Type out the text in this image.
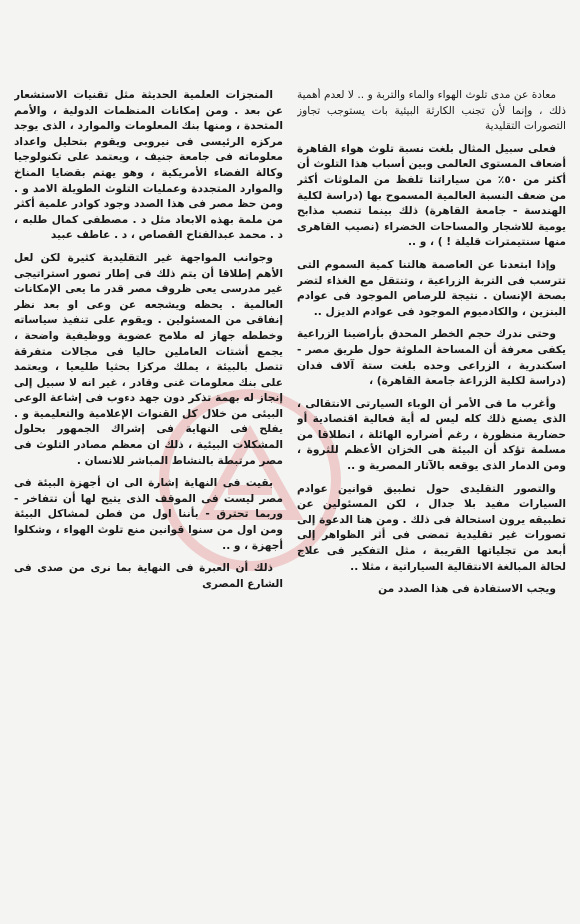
معادة عن مدى تلوث الهواء والماء والتربة و .. لا لعدم أهمية ذلك ، وإنما لأن تجنب الكارثة البيئية بات يستوجب تجاوز التصورات التقليدية

فعلى سبيل المثال بلغت نسبة تلوث هواء القاهرة أضعاف المستوى العالمى وبين أسباب هذا التلوث أن أكثر من ٥٠٪ من سياراتنا تلفظ من الملوثات أكثر من ضعف النسبة العالمية المسموح بها (دراسة لكلية الهندسة - جامعة القاهرة) ذلك بينما تنصب مذابح يومية للاشجار والمساحات الخضراء (نصيب القاهرى منها سنتيمترات قليلة ! ) ، و ..

وإذا ابتعدنا عن العاصمة هالتنا كمية السموم التى تترسب فى التربة الزراعية ، وتنتقل مع الغذاء لتضر بصحة الإنسان . نتيجة للرصاص الموجود فى عوادم البنزين ، والكادميوم الموجود فى عوادم الديزل ..

وحتى ندرك حجم الخطر المحدق بأراضينا الزراعية يكفى معرفة أن المساحة الملوثة حول طريق مصر - اسكندرية ، الزراعى وحده بلغت ستة آلاف فدان (دراسة لكلية الزراعة جامعة القاهرة) ،

وأغرب ما فى الأمر أن الوباء السيارتى الانتقالى ، الذى يصنع ذلك كله ليس له أية فعالية اقتصادية أو حضارية منظورة ، رغم أضراره الهائلة ، انطلاقا من مسلمة تؤكد أن البيئة هى الخزان الأعظم للثروة ، ومن الدمار الذى يوقعه بالآثار المصرية و ..

والتصور التقليدى حول تطبيق قوانين عوادم السيارات مفيد بلا جدال ، لكن المسئولين عن تطبيقه يرون استحالة فى ذلك . ومن هنا الدعوة إلى تصورات غير تقليدية تمضى فى أثر الظواهر إلى أبعد من تجلياتها القريبة ، مثل التفكير فى علاج لحالة المبالغة الانتقالية السياراتية ، مثلا ..

ويجب الاستفادة فى هذا الصدد من

المنجزات العلمية الحديثة مثل تقنيات الاستشعار عن بعد . ومن إمكانات المنظمات الدولية ، والأمم المتحدة ، ومنها بنك المعلومات والموارد ، الذى يوجد مركزه الرئيسى فى نيروبى ويقوم بتحليل واعداد معلوماته فى جامعة جنيف ، ويعتمد على تكنولوجيا وكالة الفضاء الأمريكية ، وهو يهتم بقضايا المناخ والموارد المتجددة وعمليات التلوث الطويلة الامد و . ومن حظ مصر فى هذا الصدد وجود كوادر علمية أكثر من ملمة بهذه الابعاد مثل د . مصطفى كمال طلبه ، د . محمد عبدالفتاح القصاص ، د . عاطف عبيد

وجوانب المواجهة غير التقليدية كثيرة لكن لعل الأهم إطلاقا أن يتم ذلك فى إطار تصور استراتيجى غير مدرسى يعى ظروف مصر قدر ما يعى الإمكانات العالمية . يحظه ويشجعه عن وعى او بعد نظر إنفاقى من المسئولين . ويقوم على تنفيذ سياساته وخططه جهاز له ملامح عضوية ووظيفية واضحة ، يجمع أشتات العاملين حاليا فى مجالات متفرقة تتصل بالبيئة ، يملك مركزا بحثيا طليعيا ، ويعتمد على بنك معلومات غنى وقادر ، غير انه لا سبيل إلى إنجاز له بهمة تذكر دون جهد دءوب فى إشاعة الوعى البيئى من خلال كل القنوات الإعلامية والتعليمية و . يفلح فى النهاية فى إشراك الجمهور بحلول المشكلات البيئية ، ذلك ان معظم مصادر التلوث فى مصر مرتبطة بالنشاط المباشر للانسان .

بقيت فى النهاية إشارة الى ان أجهزة البيئة فى مصر ليست فى الموقف الذى يتيح لها أن تتفاخر - وربما تحترق - بأننا اول من فطن لمشاكل البيئة ومن اول من سنوا قوانين منع تلوث الهواء ، وشكلوا أجهزة ، و ..

ذلك أن العبرة فى النهاية بما نرى من صدى فى الشارع المصرى
